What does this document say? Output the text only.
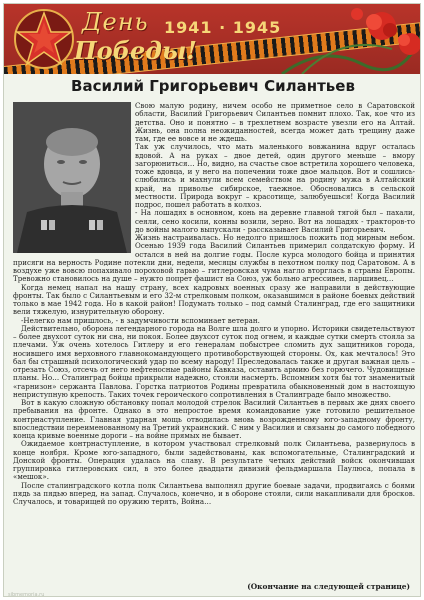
День
Победы!
1941 · 1945
Василий Григорьевич Силантьев

Свою малую родину, ничем особо не приметное село в Саратовской области, Василий Григорьевич Силантьев помнит плохо. Так, кое что из детства. Оно и понятно – в трехлетнем возрасте увезли его на Алтай. Жизнь, она полна неожиданностей, всегда может дать трещину даже там, где ее вовсе и не ждешь.

Так уж случилось, что мать маленького вовжанина вдруг осталась вдовой. А на руках – двое детей, один другого меньше – вмору загорюниться… Но, видно, на счастье свое встретила хорошего человека, тоже вдовца, и у него на попечении тоже двое мальцов. Вот и сошлись-слюбились и махнули всем семейством на родину мужа в Алтайский край, на привольe сибирское, таежное. Обосновались в сельской местности. Природа вокруг – красотище, залюбуешься! Когда Василий подрос, пошел работать в колхоз.

- На лошадях в основном, конь на деревне главной тягой был – пахали, сеяли, сено косили, конны возили, зерно. Вот на лошадях - тракторов-то до войны малого выпускали - рассказывает Василий Григорьевич.

Жизнь настраивалась. Но недолго пришлось пожить под мирным небом. Осенью 1939 года Василий Силантьев примерил солдатскую форму. И остался в ней на долгие годы. После курса молодого бойца и принятия присяги на верность Родине потекли дни, недели, месяцы службы в пехотном полку под Саратовом. А в воздухе уже вовсю попахивало пороховой гарью – гитлеровская чума нагло вторглась в страны Европы. Тревожно становилось на душе – нужто попрет фашист на Союз, уж больно агрессивен, паршивец…

Когда немец напал на нашу страну, всех кадровых военных сразу же направили в действующие фронты. Так было с Силантьевым и его 32-м стрелковым полком, оказавшимся в районе боевых действий только в мае 1942 года. Но в какой район! Подумать только – под самый Сталинград, где его защитники вели тяжелую, изнурительную оборону.

-Нелегко нам пришлось, - в задумчивости вспоминает ветеран.

Действительно, оборона легендарного города на Волге шла долго и упорно. Историки свидетельствуют – более двухсот суток ни сна, ни покоя. Более двухсот суток под огнем, и каждые сутки смерть стояла за плечами. Уж очень хотелось Гитлеру и его генералам побыстрее сломить дух защитников города, носившего имя верховного главнокомандующего противоборствующей стороны. Ох, как мечталось! Это бал бы страшный психологический удар по всему народу! Преследовалась также и другая важная цель – отрезать Союз, отсечь от него нефтеносные районы Кавказа, оставить армию без горючего. Чудовищные планы. Но… Сталинград бойцы прикрыли надежно, стояли насмерть. Вспомним хотя бы тот знаменитый «гарнизон» сержанта Павлова. Горстка патриотов Родины превратила обыкновенный дом в настоящую неприступную крепость. Таких точек героического сопротивления в Сталинграде было множество.

Вот в какую сложную обстановку попал молодой стрелок Василий Силантьев в первых же днях своего пребывания на фронте. Однако в это непростое время командование уже готовило решительное контрнаступление. Главная ударная мощь отводилась вновь возрожденному юго-западному фронту, впоследствии переименованному на Третий украинский. С ним у Василия и связаны до самого победного конца кривые военные дороги – на войне прямых не бывает.

Ожидаемое контрнаступление, в котором участвовал стрелковый полк Силантьева, развернулось в конце ноября. Кроме юго-западного, были задействованы, как вспомогательные, Сталинградский и Донской фронты. Операция удалась на славу. В результате четких действий войск окончившая группировка гитлеровских сил, в это более двадцати дивизий фельдмаршала Паулюса, попала в «мешок».

После сталинградского котла полк Силантьева выполнял другие боевые задачи, продвигаясь с боями пядь за пядью вперед, на запад. Случалось, конечно, и в обороне стояли, сили накапливали для бросков. Случалось, и товарищей по оружию терять, Война…

(Окончание на следующей странице)
sibmemoria.ru
